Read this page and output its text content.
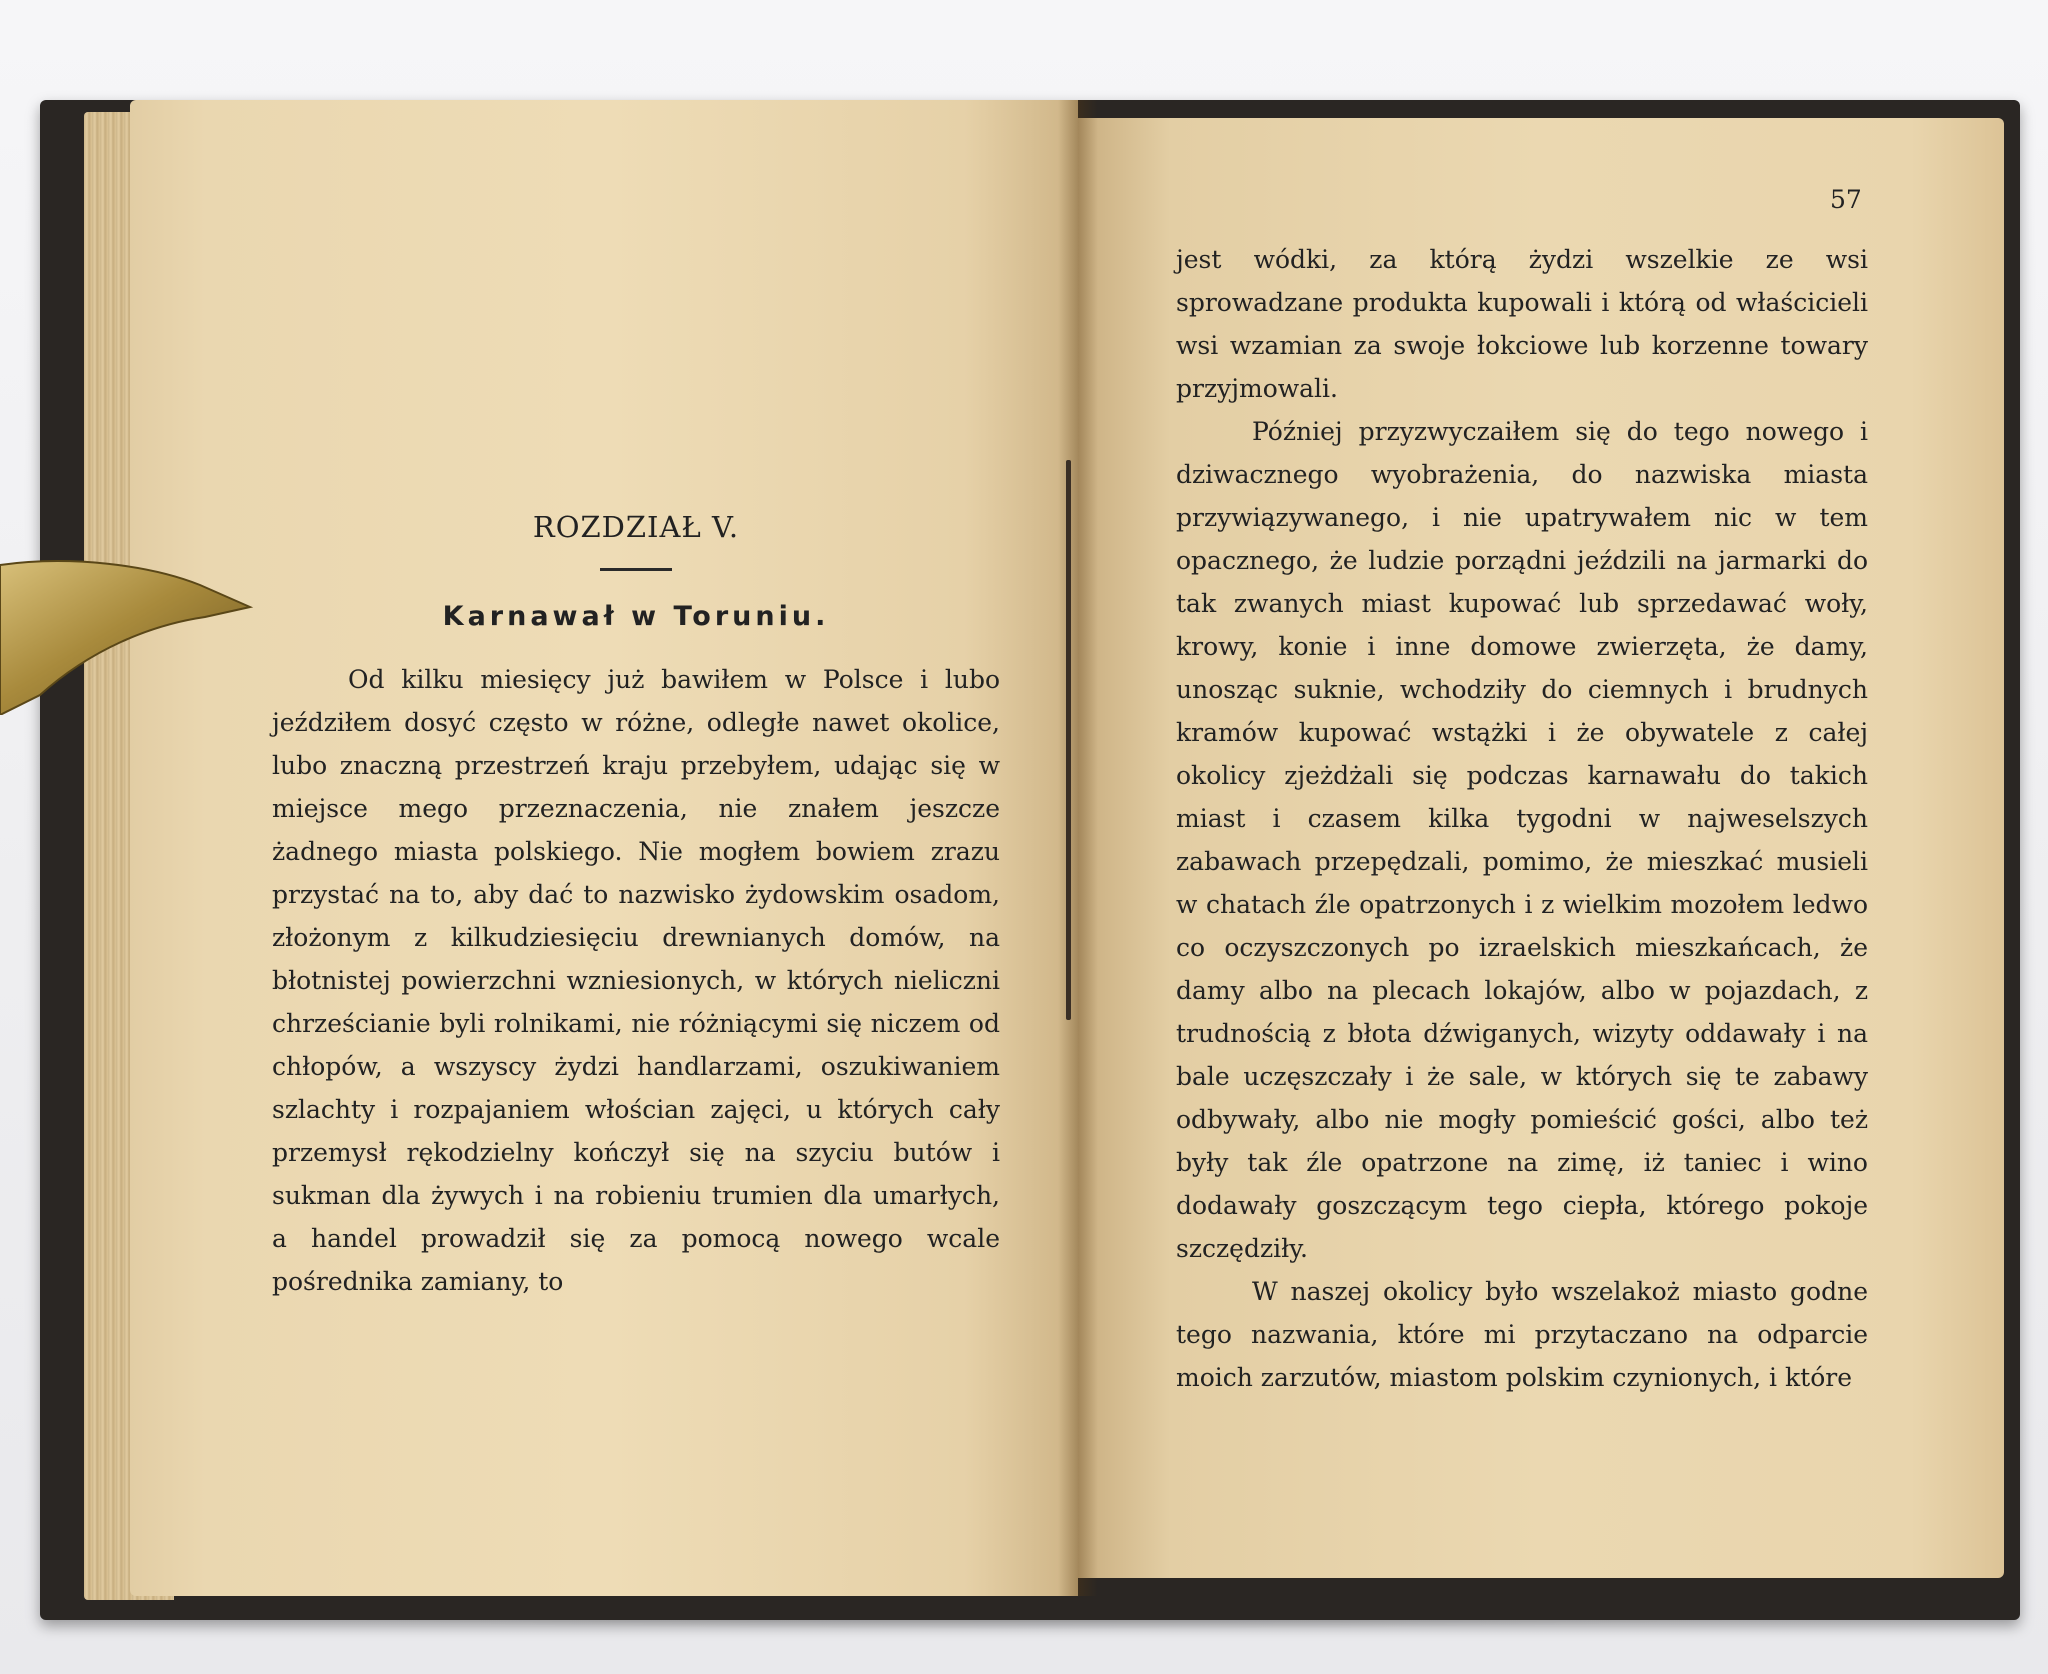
ROZDZIAŁ V.
Karnawał w Toruniu.

Od kilku miesięcy już bawiłem w Polsce i lubo jeździłem dosyć często w różne, odległe nawet okolice, lubo znaczną przestrzeń kraju przebyłem, udając się w miejsce mego przeznaczenia, nie znałem jeszcze żadnego miasta polskiego. Nie mogłem bowiem zrazu przystać na to, aby dać to nazwisko żydowskim osadom, złożonym z kilkudziesięciu drewnianych domów, na błotnistej powierzchni wzniesionych, w których nieliczni chrześcianie byli rolnikami, nie różniącymi się niczem od chłopów, a wszyscy żydzi handlarzami, oszukiwaniem szlachty i rozpajaniem włościan zajęci, u których cały przemysł rękodzielny kończył się na szyciu butów i sukman dla żywych i na robieniu trumien dla umarłych, a handel prowadził się za pomocą nowego wcale pośrednika zamiany, to

57

jest wódki, za którą żydzi wszelkie ze wsi sprowadzane produkta kupowali i którą od właścicieli wsi wzamian za swoje łokciowe lub korzenne towary przyjmowali.

Później przyzwyczaiłem się do tego nowego i dziwacznego wyobrażenia, do nazwiska miasta przywiązywanego, i nie upatrywałem nic w tem opacznego, że ludzie porządni jeździli na jarmarki do tak zwanych miast kupować lub sprzedawać woły, krowy, konie i inne domowe zwierzęta, że damy, unosząc suknie, wchodziły do ciemnych i brudnych kramów kupować wstążki i że obywatele z całej okolicy zjeżdżali się podczas karnawału do takich miast i czasem kilka tygodni w najweselszych zabawach przepędzali, pomimo, że mieszkać musieli w chatach źle opatrzonych i z wielkim mozołem ledwo co oczyszczonych po izraelskich mieszkańcach, że damy albo na plecach lokajów, albo w pojazdach, z trudnością z błota dźwiganych, wizyty oddawały i na bale uczęszczały i że sale, w których się te zabawy odbywały, albo nie mogły pomieścić gości, albo też były tak źle opatrzone na zimę, iż taniec i wino dodawały goszczącym tego ciepła, którego pokoje szczędziły.

W naszej okolicy było wszelakoż miasto godne tego nazwania, które mi przytaczano na odparcie moich zarzutów, miastom polskim czynionych, i które
